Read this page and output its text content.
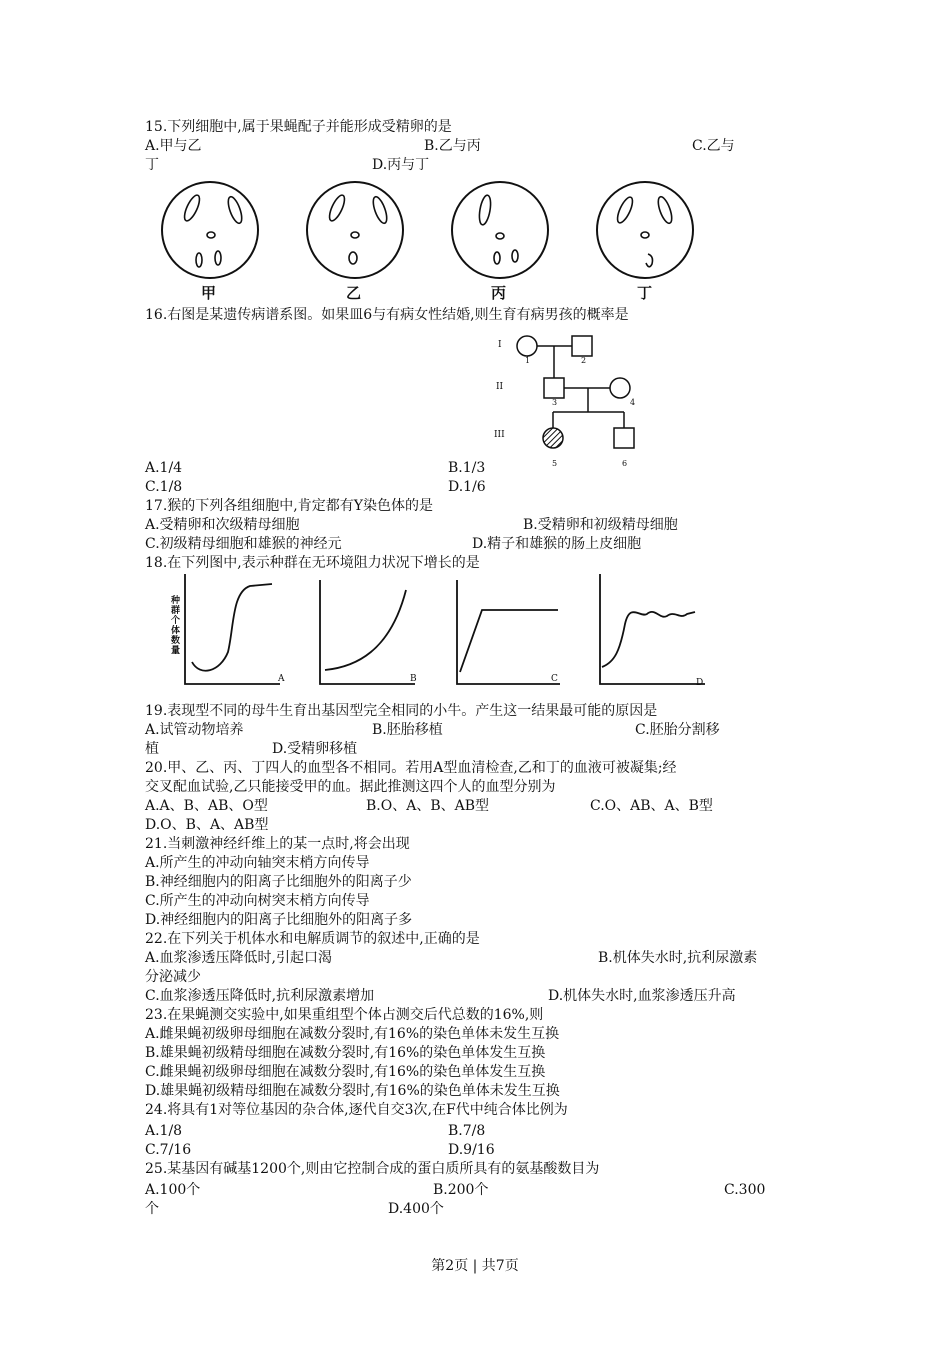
15.下列细胞中,属于果蝇配子并能形成受精卵的是
A.甲与乙	B.乙与丙	C.乙与
丁	D.丙与丁
甲	乙	丙	丁
16.右图是某遗传病谱系图。如果皿6与有病女性结婚,则生育有病男孩的概率是
I
II
III
1	2
3	4
5	6
A.1/4	B.1/3
C.1/8	D.1/6
17.猴的下列各组细胞中,肯定都有Y染色体的是
A.受精卵和次级精母细胞	B.受精卵和初级精母细胞
C.初级精母细胞和雄猴的神经元	D.精子和雄猴的肠上皮细胞
18.在下列图中,表示种群在无环境阻力状况下增长的是
种
群
个
体
数
量
A	B	C	D
19.表现型不同的母牛生育出基因型完全相同的小牛。产生这一结果最可能的原因是
A.试管动物培养	B.胚胎移植	C.胚胎分割移
植	D.受精卵移植
20.甲、乙、丙、丁四人的血型各不相同。若用A型血清检查,乙和丁的血液可被凝集;经
交叉配血试验,乙只能接受甲的血。据此推测这四个人的血型分别为
A.A、B、AB、O型	B.O、A、B、AB型	C.O、AB、A、B型
D.O、B、A、AB型
21.当刺激神经纤维上的某一点时,将会出现
A.所产生的冲动向轴突末梢方向传导
B.神经细胞内的阳离子比细胞外的阳离子少
C.所产生的冲动向树突末梢方向传导
D.神经细胞内的阳离子比细胞外的阳离子多
22.在下列关于机体水和电解质调节的叙述中,正确的是
A.血浆渗透压降低时,引起口渴	B.机体失水时,抗利尿激素
分泌减少
C.血浆渗透压降低时,抗利尿激素增加	D.机体失水时,血浆渗透压升高
23.在果蝇测交实验中,如果重组型个体占测交后代总数的16%,则
A.雌果蝇初级卵母细胞在减数分裂时,有16%的染色单体未发生互换
B.雄果蝇初级精母细胞在减数分裂时,有16%的染色单体发生互换
C.雌果蝇初级卵母细胞在减数分裂时,有16%的染色单体发生互换
D.雄果蝇初级精母细胞在减数分裂时,有16%的染色单体未发生互换
24.将具有1对等位基因的杂合体,逐代自交3次,在F代中纯合体比例为
A.1/8	B.7/8
C.7/16	D.9/16
25.某基因有碱基1200个,则由它控制合成的蛋白质所具有的氨基酸数目为
A.100个	B.200个	C.300
个	D.400个
第2页 | 共7页
